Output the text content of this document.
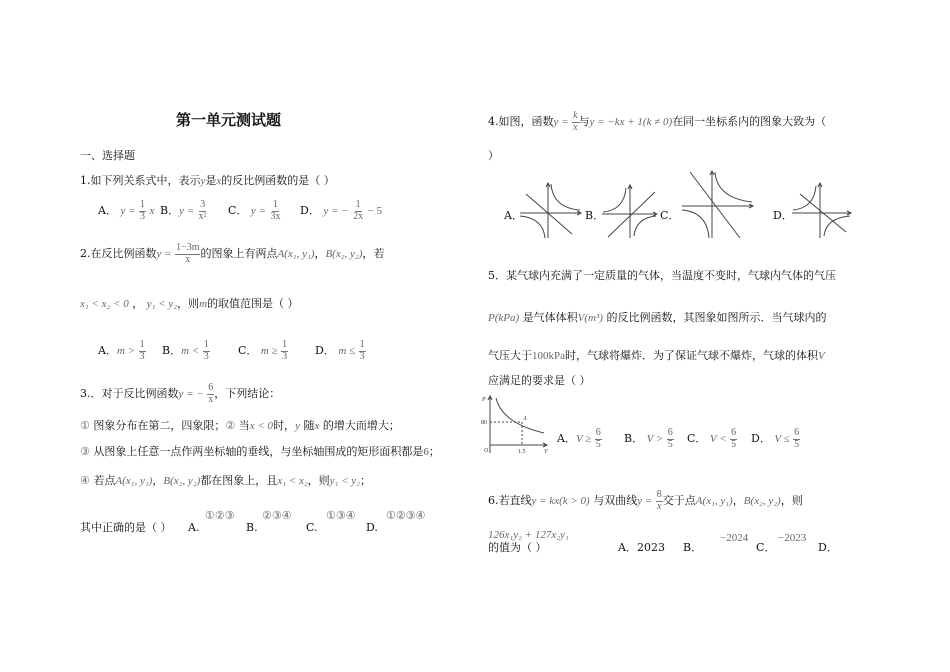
第一单元测试题
一、选择题
1.如下列关系式中，表示y是x的反比例函数的是（ ）
A． $y = \frac{1}{3}$ x B．$y = \frac{3}{\text{x²}}$ C． $y = \frac{1}{3x}$ D． y = − $\frac{1}{2x} - 5$
2.在反比例函数$y = \frac{1-3m}{x}$ 的图象上有两点A(x₁, y₁)，B(x₂, y₂)，若
x₁ < x₂ < 0 ， y₁ < y₂，则m的取值范围是（ ）
A．$m > \frac{1}{3}$ B．$m < \frac{1}{3}$	C． $m \ge \frac{1}{3}$ D． $m \le \frac{1}{3}$
3.．对于反比例函数y = − $\frac{6}{x}$ ，下列结论：
① 图象分布在第二，四象限；② 当x < 0时，y 随x 的增大而增大；
③ 从图象上任意一点作两坐标轴的垂线，与坐标轴围成的矩形面积都是6；
④ 若点A(x₁, y₁)，B(x₂, y₂)都在图象上，且x₁ < x₂，则y₁ < y₂；
其中正确的是（ ） A.
①②③
B.
②③④
C.
①③④
D.
①②③④
4.如图，函数$y = \frac{k}{x}$ 与y = −kx + 1(k ≠ 0)在同一坐标系内的图象大致为（
）
A．	B．	C．	D．
5．某气球内充满了一定质量的气体，当温度不变时，气球内气体的气压
P(kPa) 是气体体积V(m³) 的反比例函数，其图象如图所示．当气球内的
气压大于100kPa时，气球将爆炸．为了保证气球不爆炸，气球的体积V
应满足的要求是（ ）
P
80
1.5	V
O
A
A．$V \ge \frac{6}{5}$ B． $V > \frac{6}{5}$ C． $V < \frac{6}{5}$ D． $V \le \frac{6}{5}$
6.若直线y = kx(k > 0) 与双曲线$y = \frac{8}{x}$ 交于点A(x₁, y₁)，B(x₂, y₂)，则
126x₁y₂ + 127x₂y₁
的值为（ ）	A．2023 B．
−2024
C．
−2023
D．
